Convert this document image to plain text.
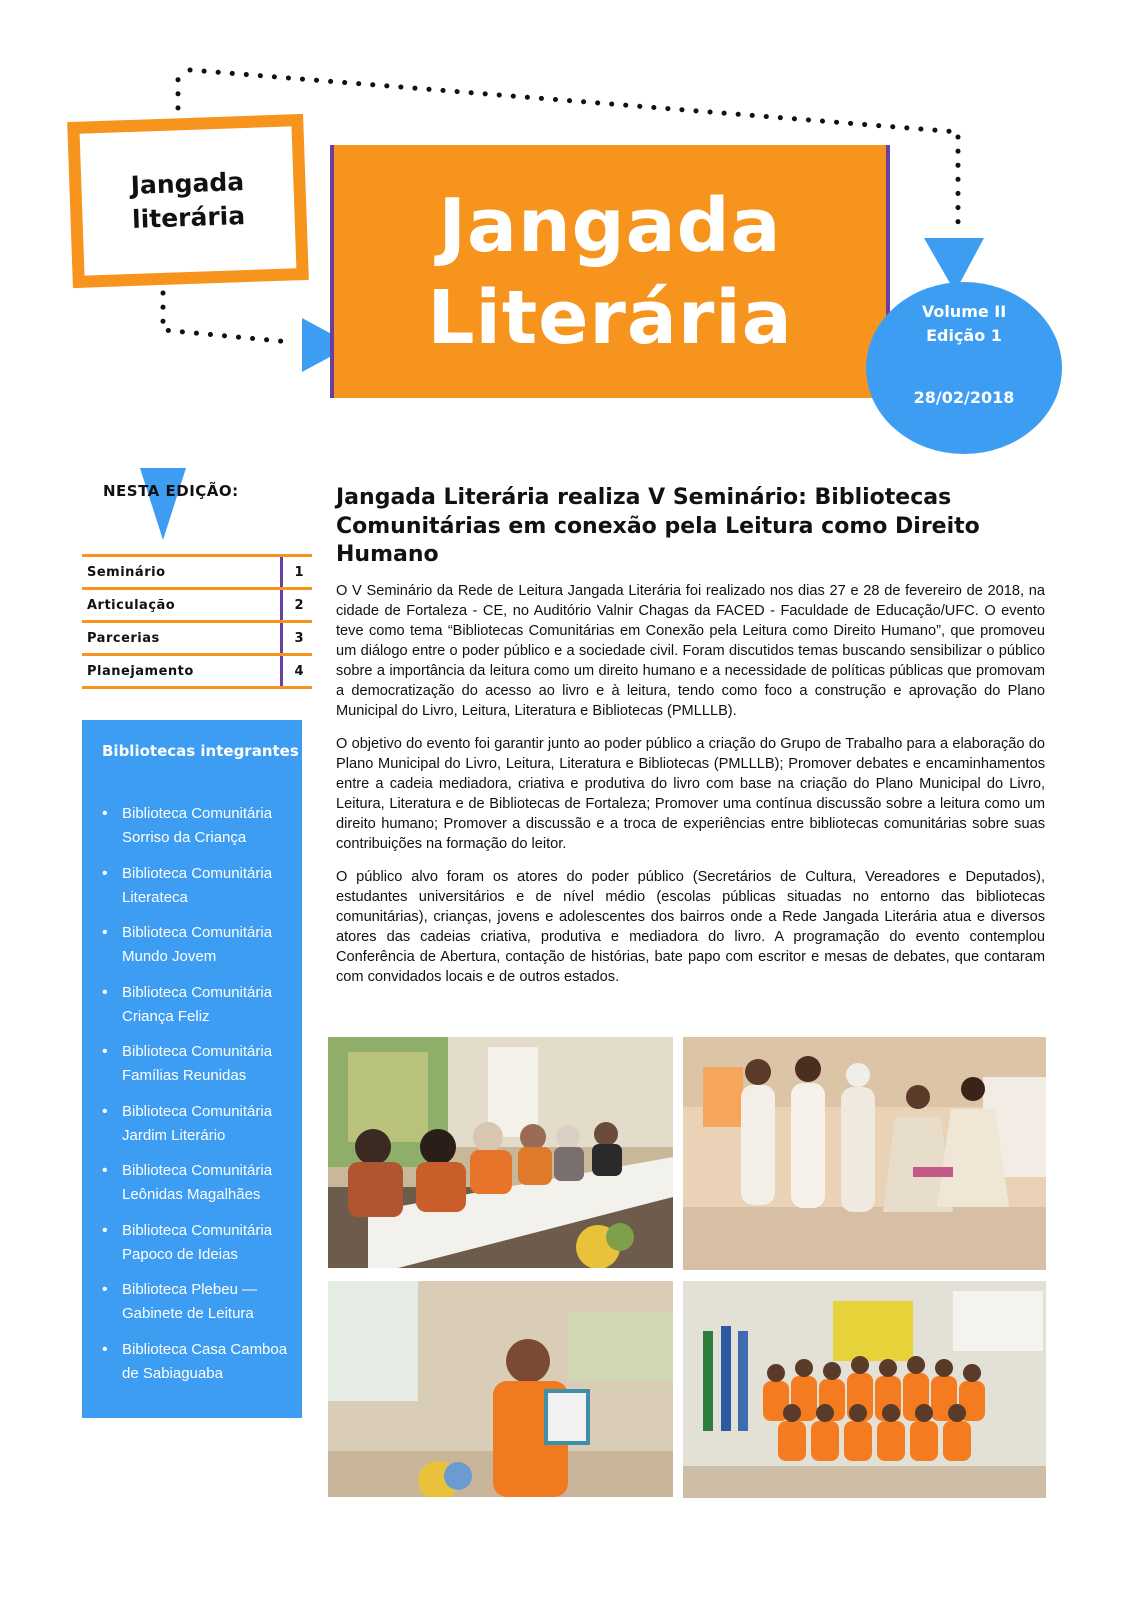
Jangada
literária	Jangada
Literária	Volume II
Edição 1
28/02/2018
NESTA EDIÇÃO:
Seminário	1
Articulação	2
Parcerias	3
Planejamento	4
Bibliotecas integrantes
• Biblioteca Comunitária Sorriso da Criança
• Biblioteca Comunitária Literateca
• Biblioteca Comunitária Mundo Jovem
• Biblioteca Comunitária Criança Feliz
• Biblioteca Comunitária Famílias Reunidas
• Biblioteca Comunitária Jardim Literário
• Biblioteca Comunitária Leônidas Magalhães
• Biblioteca Comunitária Papoco de Ideias
• Biblioteca Plebeu — Gabinete de Leitura
• Biblioteca Casa Camboa de Sabiaguaba
Jangada Literária realiza V Seminário: Bibliotecas Comunitárias em conexão pela Leitura como Direito Humano

O V Seminário da Rede de Leitura Jangada Literária foi realizado nos dias 27 e 28 de fevereiro de 2018, na cidade de Fortaleza - CE, no Auditório Valnir Chagas da FACED - Faculdade de Educação/UFC. O evento teve como tema “Bibliotecas Comunitárias em Conexão pela Leitura como Direito Humano”, que promoveu um diálogo entre o poder público e a sociedade civil. Foram discutidos temas buscando sensibilizar o público sobre a importância da leitura como um direito humano e a necessidade de políticas públicas que promovam a democratização do acesso ao livro e à leitura, tendo como foco a construção e aprovação do Plano Municipal do Livro, Leitura, Literatura e Bibliotecas (PMLLLB).

O objetivo do evento foi garantir junto ao poder público a criação do Grupo de Trabalho para a elaboração do Plano Municipal do Livro, Leitura, Literatura e Bibliotecas (PMLLLB); Promover debates e encaminhamentos entre a cadeia mediadora, criativa e produtiva do livro com base na criação do Plano Municipal do Livro, Leitura, Literatura e de Bibliotecas de Fortaleza; Promover uma contínua discussão sobre a leitura como um direito humano; Promover a discussão e a troca de experiências entre bibliotecas comunitárias sobre suas contribuições na formação do leitor.

O público alvo foram os atores do poder público (Secretários de Cultura, Vereadores e Deputados), estudantes universitários e de nível médio (escolas públicas situadas no entorno das bibliotecas comunitárias), crianças, jovens e adolescentes dos bairros onde a Rede Jangada Literária atua e diversos atores das cadeias criativa, produtiva e mediadora do livro. A programação do evento contemplou Conferência de Abertura, contação de histórias, bate papo com escritor e mesas de debates, que contaram com convidados locais e de outros estados.
